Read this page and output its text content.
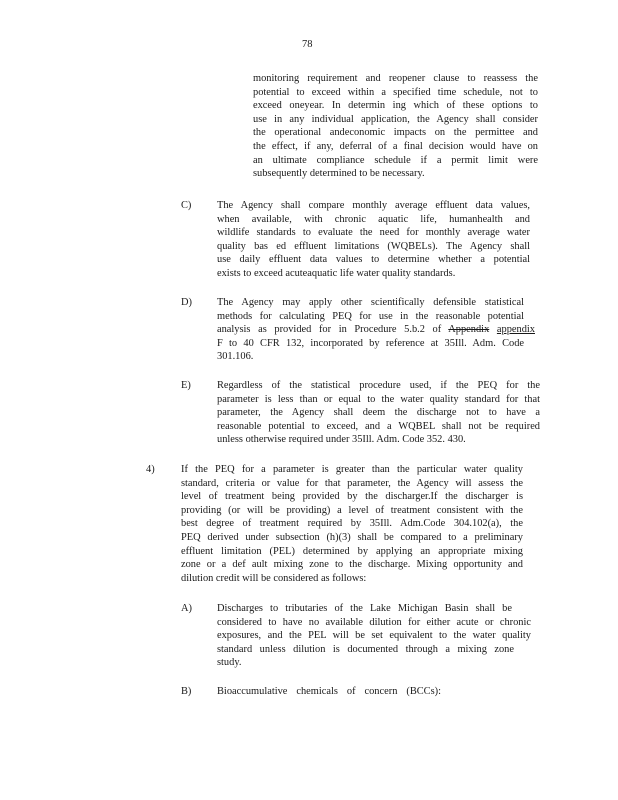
78
monitoring requirement and reopener clause to reassess the
potential to exceed within a specified time schedule, not to
exceed oneyear. In determin ing which of these options to
use in any individual application, the Agency shall consider
the operational andeconomic impacts on the permittee and
the effect, if any, deferral of a final decision would have on
an ultimate compliance schedule if a permit limit were
subsequently determined to be necessary.
C) The Agency shall compare monthly average effluent data values,
when available, with chronic aquatic life, humanhealth and
wildlife standards to evaluate the need for monthly average water
quality bas ed effluent limitations (WQBELs). The Agency shall
use daily effluent data values to determine whether a potential
exists to exceed acuteaquatic life water quality standards.
D) The Agency may apply other scientifically defensible statistical
methods for calculating PEQ for use in the reasonable potential
analysis as provided for in Procedure 5.b.2 of Appendix appendix
F to 40 CFR 132, incorporated by reference at 35Ill. Adm. Code
301.106.
E)	Regardless of the statistical procedure used, if the PEQ for the
parameter is less than or equal to the water quality standard for that
parameter, the Agency shall deem the discharge not to have a
reasonable potential to exceed, and a WQBEL shall not be required
unless otherwise required under 35Ill. Adm. Code 352. 430.
4)	If the PEQ for a parameter is greater than the particular water quality
standard, criteria or value for that parameter, the Agency will assess the
level of treatment being provided by the discharger.If the discharger is
providing (or will be providing) a level of treatment consistent with the
best degree of treatment required by 35Ill. Adm.Code 304.102(a), the
PEQ derived under subsection (h)(3) shall be compared to a preliminary
effluent limitation (PEL) determined by applying an appropriate mixing
zone or a def ault mixing zone to the discharge. Mixing opportunity and
dilution credit will be considered as follows:
A) Discharges to tributaries of the Lake Michigan Basin shall be
considered to have no available dilution for either acute or chronic
exposures, and the PEL will be set equivalent to the water quality
standard unless dilution is documented through a mixing zone
study.
B) Bioaccumulative chemicals of concern (BCCs):
